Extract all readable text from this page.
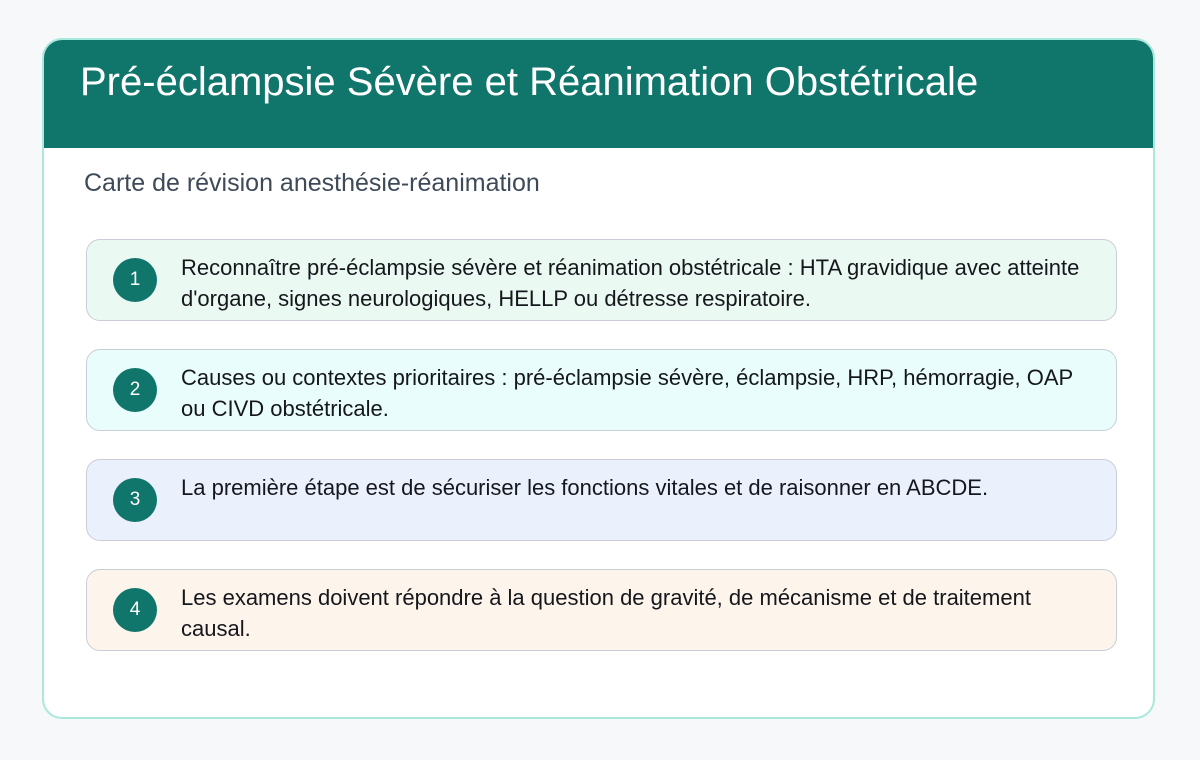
Pré-éclampsie Sévère et Réanimation Obstétricale
Carte de révision anesthésie-réanimation
1	Reconnaître pré-éclampsie sévère et réanimation obstétricale : HTA gravidique avec atteinte d'organe, signes neurologiques, HELLP ou détresse respiratoire.
2	Causes ou contextes prioritaires : pré-éclampsie sévère, éclampsie, HRP, hémorragie, OAP ou CIVD obstétricale.
3	La première étape est de sécuriser les fonctions vitales et de raisonner en ABCDE.
4	Les examens doivent répondre à la question de gravité, de mécanisme et de traitement causal.
